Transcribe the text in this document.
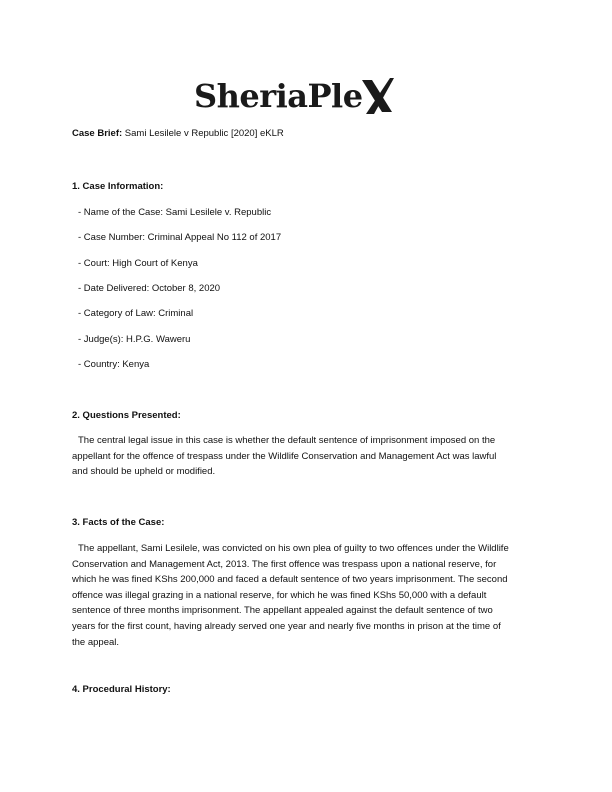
SheriaPle
Case Brief: Sami Lesilele v Republic [2020] eKLR
1. Case Information:
- Name of the Case: Sami Lesilele v. Republic
- Case Number: Criminal Appeal No 112 of 2017
- Court: High Court of Kenya
- Date Delivered: October 8, 2020
- Category of Law: Criminal
- Judge(s): H.P.G. Waweru
- Country: Kenya
2. Questions Presented:

The central legal issue in this case is whether the default sentence of imprisonment imposed on the

appellant for the offence of trespass under the Wildlife Conservation and Management Act was lawful

and should be upheld or modified.

3. Facts of the Case:

The appellant, Sami Lesilele, was convicted on his own plea of guilty to two offences under the Wildlife

Conservation and Management Act, 2013. The first offence was trespass upon a national reserve, for

which he was fined KShs 200,000 and faced a default sentence of two years imprisonment. The second

offence was illegal grazing in a national reserve, for which he was fined KShs 50,000 with a default

sentence of three months imprisonment. The appellant appealed against the default sentence of two

years for the first count, having already served one year and nearly five months in prison at the time of

the appeal.

4. Procedural History:
